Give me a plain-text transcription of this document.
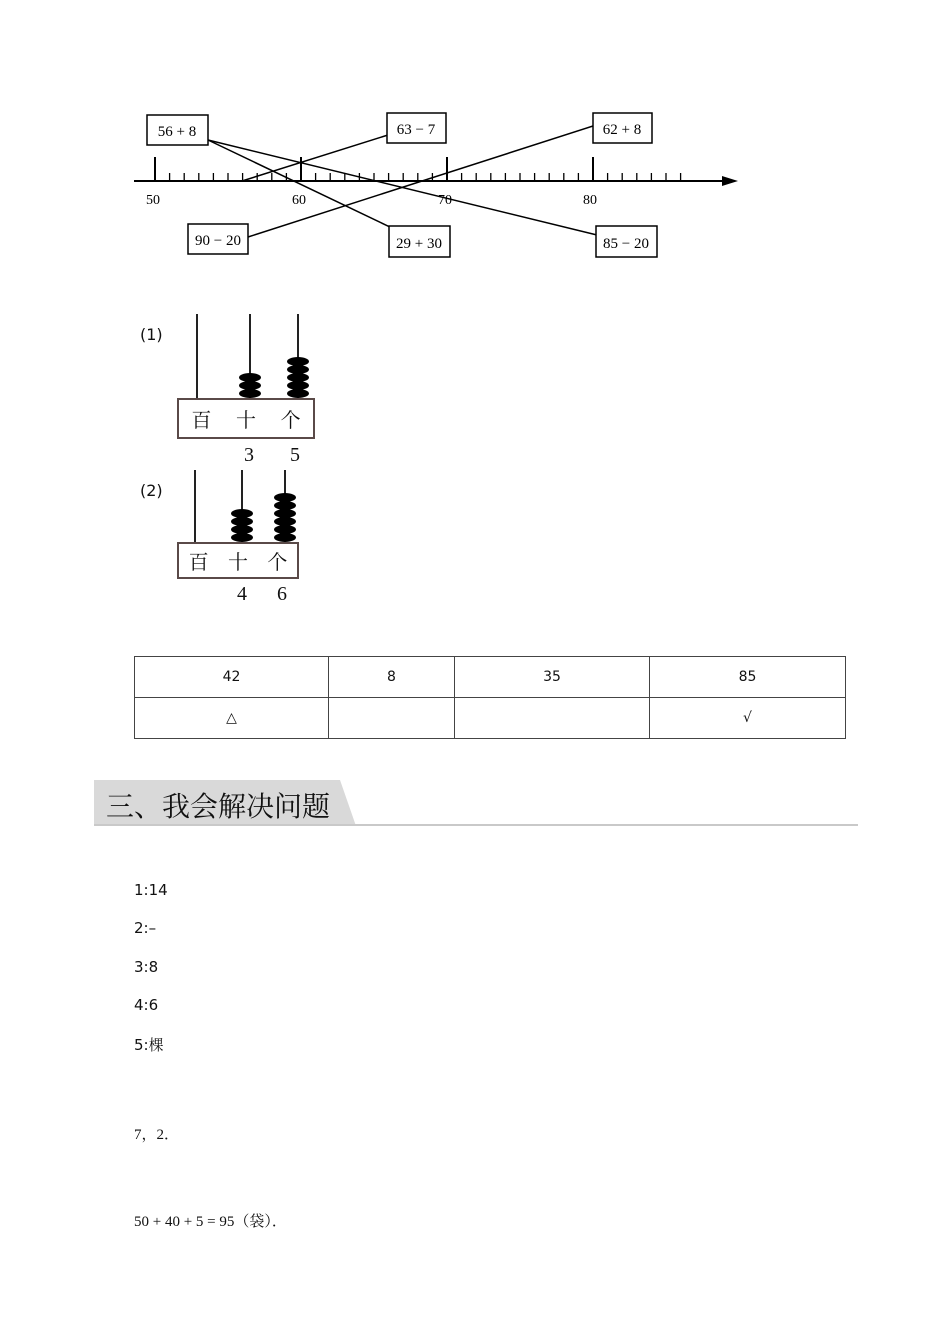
50	60	70	80
56 + 8	63 − 7	62 + 8
90 − 20	29 + 30	85 − 20
(1)
百 十 个
3 5
(2)
百 十 个
4 6
42	8	35	85
△			√
三、我会解决问题
1:14
2:–
3:8
4:6
5:棵
7，2．
50 + 40 + 5 = 95（袋）．
